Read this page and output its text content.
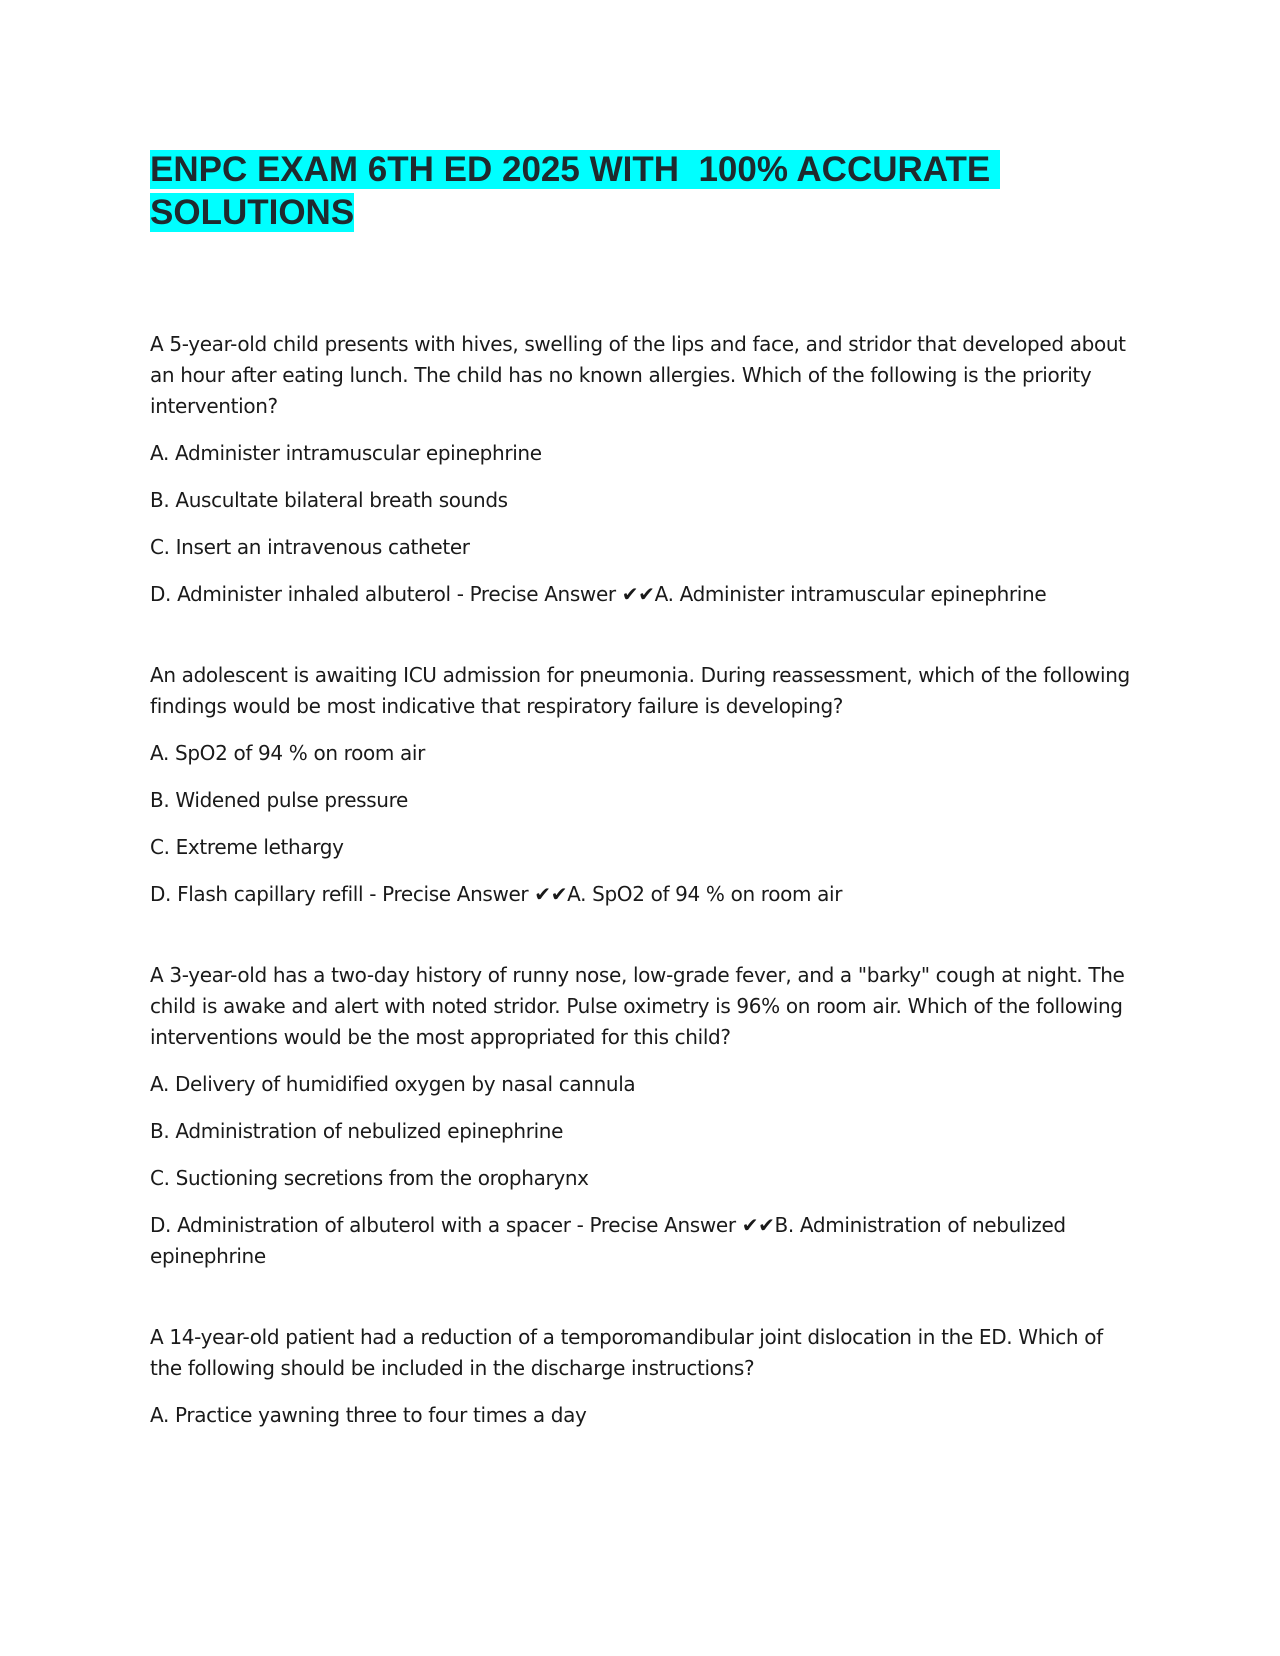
ENPC EXAM 6TH ED 2025 WITH  100% ACCURATE SOLUTIONS

A 5-year-old child presents with hives, swelling of the lips and face, and stridor that developed about an hour after eating lunch. The child has no known allergies. Which of the following is the priority intervention?

A. Administer intramuscular epinephrine

B. Auscultate bilateral breath sounds

C. Insert an intravenous catheter

D. Administer inhaled albuterol - Precise Answer ✔✔A. Administer intramuscular epinephrine

An adolescent is awaiting ICU admission for pneumonia. During reassessment, which of the following findings would be most indicative that respiratory failure is developing?

A. SpO2 of 94 % on room air

B. Widened pulse pressure

C. Extreme lethargy

D. Flash capillary refill - Precise Answer ✔✔A. SpO2 of 94 % on room air

A 3-year-old has a two-day history of runny nose, low-grade fever, and a "barky" cough at night. The child is awake and alert with noted stridor. Pulse oximetry is 96% on room air. Which of the following interventions would be the most appropriated for this child?

A. Delivery of humidified oxygen by nasal cannula

B. Administration of nebulized epinephrine

C. Suctioning secretions from the oropharynx

D. Administration of albuterol with a spacer - Precise Answer ✔✔B. Administration of nebulized epinephrine

A 14-year-old patient had a reduction of a temporomandibular joint dislocation in the ED. Which of the following should be included in the discharge instructions?

A. Practice yawning three to four times a day
